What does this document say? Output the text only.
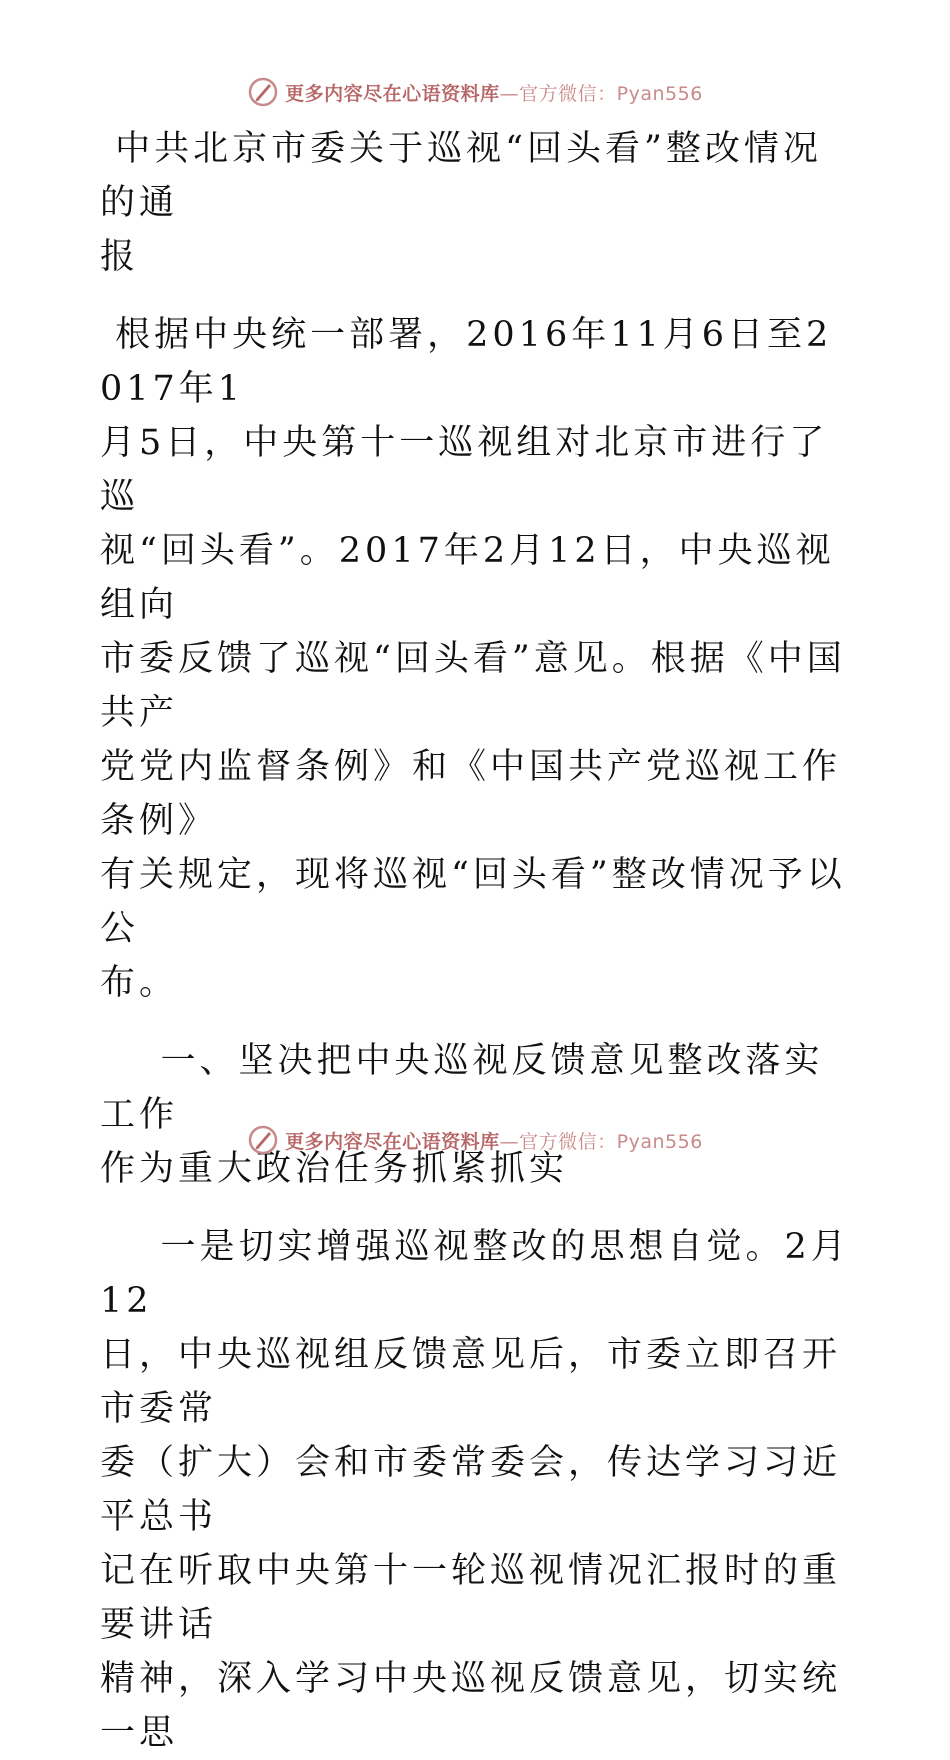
更多内容尽在心语资料库—官方微信：Pyan556

中共北京市委关于巡视“回头看”整改情况的通
报

根据中央统一部署，2016年11月6日至2017年1
月5日，中央第十一巡视组对北京市进行了巡
视“回头看”。2017年2月12日，中央巡视组向
市委反馈了巡视“回头看”意见。根据《中国共产
党党内监督条例》和《中国共产党巡视工作条例》
有关规定，现将巡视“回头看”整改情况予以公
布。

一、坚决把中央巡视反馈意见整改落实工作
作为重大政治任务抓紧抓实

一是切实增强巡视整改的思想自觉。2月12
日，中央巡视组反馈意见后，市委立即召开市委常
委（扩大）会和市委常委会，传达学习习近平总书
记在听取中央第十一轮巡视情况汇报时的重要讲话
精神，深入学习中央巡视反馈意见，切实统一思

更多内容尽在心语资料库—官方微信：Pyan556
